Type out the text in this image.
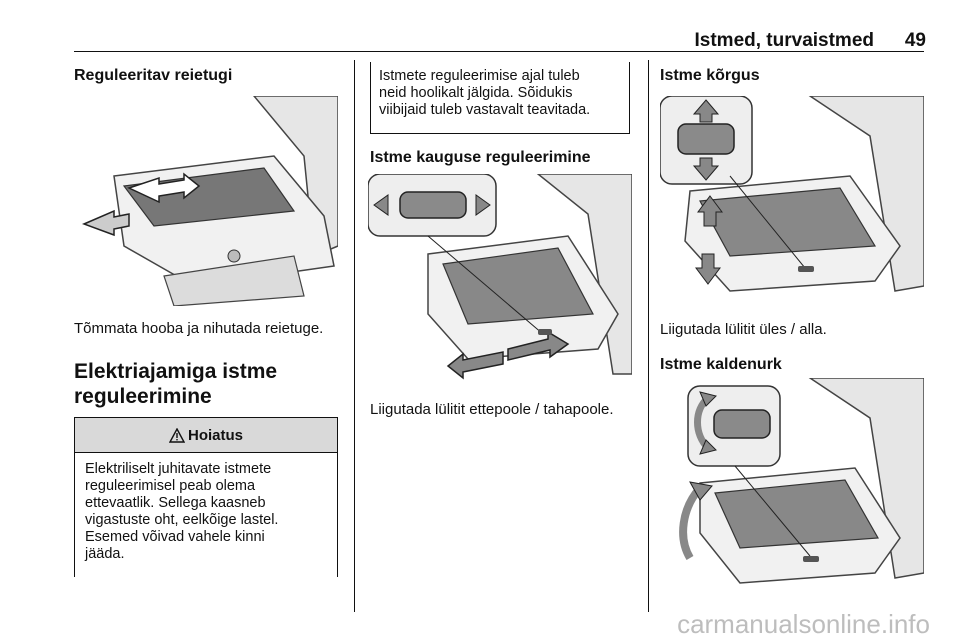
Istmed, turvaistmed 49
Reguleeritav reietugi
Tõmmata hooba ja nihutada reietuge.
Elektriajamiga istme
reguleerimine
Hoiatus
Elektriliselt juhitavate istmete
reguleerimisel peab olema
ettevaatlik. Sellega kaasneb
vigastuste oht, eelkõige lastel.
Esemed võivad vahele kinni
jääda.
Istmete reguleerimise ajal tuleb
neid hoolikalt jälgida. Sõidukis
viibijaid tuleb vastavalt teavitada.
Istme kauguse reguleerimine
Liigutada lülitit ettepoole / tahapoole.
Istme kõrgus
Liigutada lülitit üles / alla.
Istme kaldenurk
carmanualsonline.info
